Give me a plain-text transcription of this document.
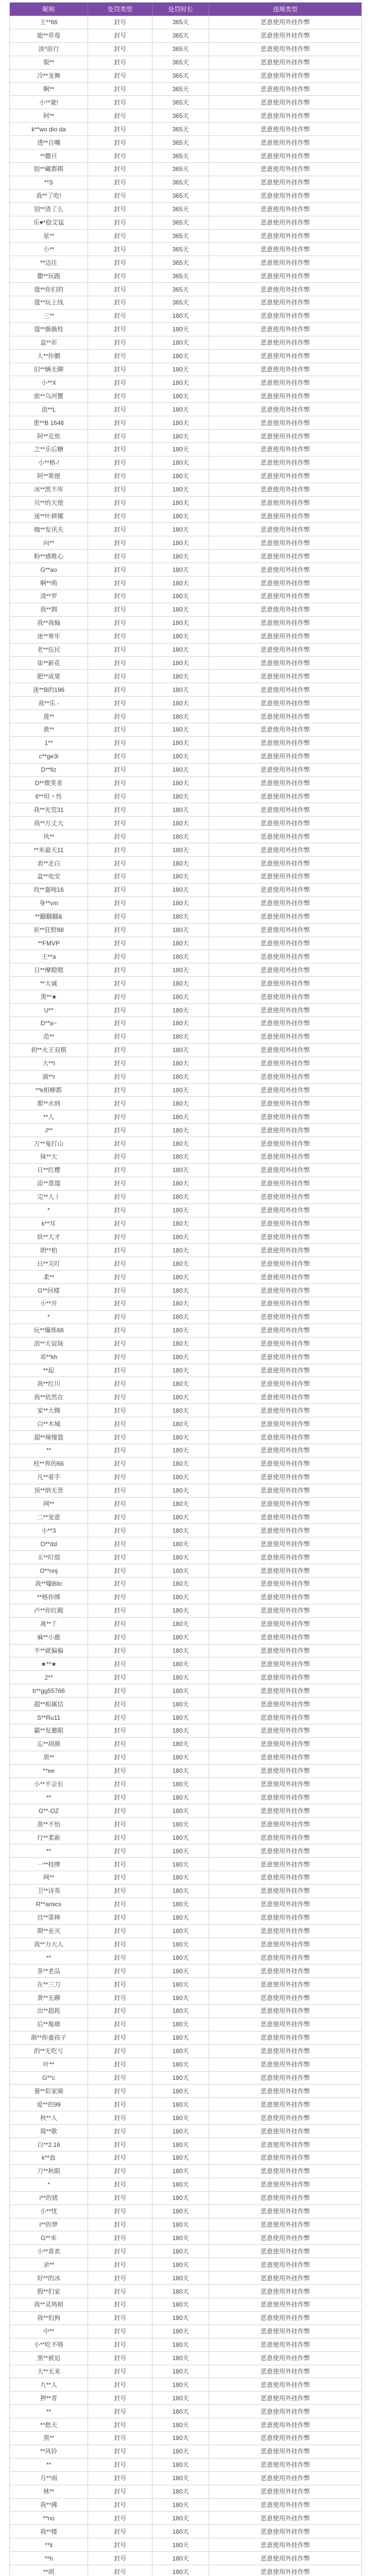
昵称	处罚类型	处罚时长	违规类型
王**66	封号	365天	恶意使用外挂作弊
能**草莓	封号	365天	恶意使用外挂作弊
淡*原行	封号	365天	恶意使用外挂作弊
裂**	封号	365天	恶意使用外挂作弊
冷**龙舞	封号	365天	恶意使用外挂作弊
啊**	封号	365天	恶意使用外挂作弊
小**豪!	封号	365天	恶意使用外挂作弊
阿**	封号	365天	恶意使用外挂作弊
k**wo dio da	封号	365天	恶意使用外挂作弊
透**自嘲	封号	365天	恶意使用外挂作弊
**撒旦	封号	365天	恶意使用外挂作弊
胶**藏都棋	封号	365天	恶意使用外挂作弊
**S	封号	365天	恶意使用外挂作弊
我**了吃!	封号	365天	恶意使用外挂作弊
别**渣了么	封号	365天	恶意使用外挂作弊
乐♥*稳艾猛	封号	365天	恶意使用外挂作弊
星**	封号	365天	恶意使用外挂作弊
小**	封号	365天	恶意使用外挂作弊
**迈往	封号	365天	恶意使用外挂作弊
撒**玩跑	封号	365天	恶意使用外挂作弊
蔻**你们的	封号	365天	恶意使用外挂作弊
蔻**玩上线	封号	365天	恶意使用外挂作弊
三**	封号	180天	恶意使用外挂作弊
蔻**薇薇桂	封号	180天	恶意使用外挂作弊
盒**祈	封号	180天	恶意使用外挂作弊
人**你鹏	封号	180天	恶意使用外挂作弊
旧**辆无聊	封号	180天	恶意使用外挂作弊
小**X	封号	180天	恶意使用外挂作弊
旅**乌河蟹	封号	180天	恶意使用外挂作弊
浪**L	封号	180天	恶意使用外挂作弊
患**B 1646	封号	180天	恶意使用外挂作弊
阿**克焦	封号	180天	恶意使用外挂作弊
之**乐后糖	封号	180天	恶意使用外挂作弊
小**格-!	封号	180天	恶意使用外挂作弊
阿**果便	封号	180天	恶意使用外挂作弊
冰**凯不库	封号	180天	恶意使用外挂作弊
贝**的天使	封号	180天	恶意使用外挂作弊
迷**叶耕耀	封号	180天	恶意使用外挂作弊
咖**发讯夫	封号	180天	恶意使用外挂作弊
向**	封号	180天	恶意使用外挂作弊
粉**感唯心	封号	180天	恶意使用外挂作弊
G**ao	封号	180天	恶意使用外挂作弊
啊**萌	封号	180天	恶意使用外挂作弊
清**罗	封号	180天	恶意使用外挂作弊
我**拥	封号	180天	恶意使用外挂作弊
我**我翰	封号	180天	恶意使用外挂作弊
迷**寒年	封号	180天	恶意使用外挂作弊
老**伍民	封号	180天	恶意使用外挂作弊
柒**新花	封号	180天	恶意使用外挂作弊
肥**成果	封号	180天	恶意使用外挂作弊
迷**B的196	封号	180天	恶意使用外挂作弊
我**乐 -	封号	180天	恶意使用外挂作弊
莲**	封号	180天	恶意使用外挂作弊
黄**	封号	180天	恶意使用外挂作弊
1**	封号	180天	恶意使用外挂作弊
c**ge3i	封号	180天	恶意使用外挂作弊
D**fiz	封号	180天	恶意使用外挂作弊
D**微笑者	封号	180天	恶意使用外挂作弊
6**坦丶性	封号	180天	恶意使用外挂作弊
我**光荒31	封号	180天	恶意使用外挂作弊
我**万丈大	封号	180天	恶意使用外挂作弊
风**	封号	180天	恶意使用外挂作弊
**米最天11	封号	180天	恶意使用外挂作弊
表**走白	封号	180天	恶意使用外挂作弊
盒**电安	封号	180天	恶意使用外挂作弊
玫**嘉吨16	封号	180天	恶意使用外挂作弊
身**vm	封号	180天	恶意使用外挂作弊
**翻翻翻&	封号	180天	恶意使用外挂作弊
祈**狂野88	封号	180天	恶意使用外挂作弊
**FMVP	封号	180天	恶意使用外挂作弊
王**a	封号	180天	恶意使用外挂作弊
日**摩瞪嗯	封号	180天	恶意使用外挂作弊
**大诚	封号	180天	恶意使用外挂作弊
黑**★	封号	180天	恶意使用外挂作弊
U**	封号	180天	恶意使用外挂作弊
D**a~	封号	180天	恶意使用外挂作弊
范**	封号	180天	恶意使用外挂作弊
初**火王双棋	封号	180天	恶意使用外挂作弊
大**I	封号	180天	恶意使用外挂作弊
演**r	封号	180天	恶意使用外挂作弊
**k相柳都	封号	180天	恶意使用外挂作弊
都**水到	封号	180天	恶意使用外挂作弊
**人	封号	180天	恶意使用外挂作弊
J**	封号	180天	恶意使用外挂作弊
万**鬼打山	封号	180天	恶意使用外挂作弊
妹**大	封号	180天	恶意使用外挂作弊
日**红樱	封号	180天	恶意使用外挂作弊
添**蒸馏	封号	180天	恶意使用外挂作弊
完**人丨	封号	180天	恶意使用外挂作弊
*	封号	180天	恶意使用外挂作弊
k**耳	封号	180天	恶意使用外挂作弊
妖**大才	封号	180天	恶意使用外挂作弊
朗**柏	封号	180天	恶意使用外挂作弊
日**关叮	封号	180天	恶意使用外挂作弊
柔**	封号	180天	恶意使用外挂作弊
G**回楼	封号	180天	恶意使用外挂作弊
小**开	封号	180天	恶意使用外挂作弊
*	封号	180天	恶意使用外挂作弊
玩**爆炼66	封号	180天	恶意使用外挂作弊
浪**天谊妹	封号	180天	恶意使用外挂作弊
邓**kh	封号	180天	恶意使用外挂作弊
**起	封号	180天	恶意使用外挂作弊
我**红川	封号	180天	恶意使用外挂作弊
我**依然在	封号	180天	恶意使用外挂作弊
家**大腾	封号	180天	恶意使用外挂作弊
白**木城	封号	180天	恶意使用外挂作弊
超**辣慢篮	封号	180天	恶意使用外挂作弊
**	封号	180天	恶意使用外挂作弊
柱**界的66	封号	180天	恶意使用外挂作弊
凡**着手	封号	180天	恶意使用外挂作弊
顶**纳无晋	封号	180天	恶意使用外挂作弊
网**	封号	180天	恶意使用外挂作弊
二**宠意	封号	180天	恶意使用外挂作弊
小**3	封号	180天	恶意使用外挂作弊
O**dd	封号	180天	恶意使用外挂作弊
玉**叮缇	封号	180天	恶意使用外挂作弊
O**nnj	封号	180天	恶意使用外挂作弊
我**曝BIlc	封号	180天	恶意使用外挂作弊
**格你绑	封号	180天	恶意使用外挂作弊
卢**你红殿	封号	180天	恶意使用外挂作弊
离**丫	封号	180天	恶意使用外挂作弊
麻**小鹿	封号	180天	恶意使用外挂作弊
不**就偏偏	封号	180天	恶意使用外挂作弊
★**★	封号	180天	恶意使用外挂作弊
2**	封号	180天	恶意使用外挂作弊
b**gg55766	封号	180天	恶意使用外挂作弊
超**相属信	封号	180天	恶意使用外挂作弊
S**Ru11	封号	180天	恶意使用外挂作弊
霸**发邀眼	封号	180天	恶意使用外挂作弊
忘**胡颜	封号	180天	恶意使用外挂作弊
黑**	封号	180天	恶意使用外挂作弊
**ee	封号	180天	恶意使用外挂作弊
小**不会长	封号	180天	恶意使用外挂作弊
**	封号	180天	恶意使用外挂作弊
G**-OZ	封号	180天	恶意使用外挂作弊
黑**不怡	封号	180天	恶意使用外挂作弊
行**柔新	封号	180天	恶意使用外挂作弊
**	封号	180天	恶意使用外挂作弊
一**枝牌	封号	180天	恶意使用外挂作弊
网**	封号	180天	恶意使用外挂作弊
卫**诗英	封号	180天	恶意使用外挂作弊
R**amics	封号	180天	恶意使用外挂作弊
宫**霏棒	封号	180天	恶意使用外挂作弊
期**业灭	封号	180天	恶意使用外挂作弊
我**力大人	封号	180天	恶意使用外挂作弊
**	封号	180天	恶意使用外挂作弊
茶**老品	封号	180天	恶意使用外挂作弊
在**三刀	封号	180天	恶意使用外挂作弊
黄**无聊	封号	180天	恶意使用外挂作弊
出**超耗	封号	180天	恶意使用外挂作弊
后**胤瘴	封号	180天	恶意使用外挂作弊
颜**你童孩子	封号	180天	恶意使用外挂作弊
的**无吃亏	封号	180天	恶意使用外挂作弊
叶**	封号	180天	恶意使用外挂作弊
G**c	封号	180天	恶意使用外挂作弊
蓑**彩家骑	封号	180天	恶意使用外挂作弊
爱**的99	封号	180天	恶意使用外挂作弊
秋**人	封号	180天	恶意使用外挂作弊
简**歌	封号	180天	恶意使用外挂作弊
白**2.16	封号	180天	恶意使用外挂作弊
k**血	封号	180天	恶意使用外挂作弊
刀**秋眼	封号	180天	恶意使用外挂作弊
*	封号	180天	恶意使用外挂作弊
i**的猪	封号	180天	恶意使用外挂作弊
小**忧	封号	180天	恶意使用外挂作弊
i**的梦	封号	180天	恶意使用外挂作弊
G**米	封号	180天	恶意使用外挂作弊
小**喜欢	封号	180天	恶意使用外挂作弊
余**	封号	180天	恶意使用外挂作弊
好**的冰	封号	180天	恶意使用外挂作弊
假**们家	封号	180天	恶意使用外挂作弊
我**灵鸠棺	封号	180天	恶意使用外挂作弊
我**怕狗	封号	180天	恶意使用外挂作弊
中**	封号	180天	恶意使用外挂作弊
小**吃不咯	封号	180天	恶意使用外挂作弊
黑**被迫	封号	180天	恶意使用外挂作弊
大**无来	封号	180天	恶意使用外挂作弊
九**人	封号	180天	恶意使用外挂作弊
押**青	封号	180天	恶意使用外挂作弊
**	封号	180天	恶意使用外挂作弊
**愁天	封号	180天	恶意使用外挂作弊
黑**	封号	180天	恶意使用外挂作弊
**风铃	封号	180天	恶意使用外挂作弊
**	封号	180天	恶意使用外挂作弊
月**雨	封号	180天	恶意使用外挂作弊
林**	封号	180天	恶意使用外挂作弊
我**拂	封号	180天	恶意使用外挂作弊
**no	封号	180天	恶意使用外挂作弊
我**楼	封号	180天	恶意使用外挂作弊
**ii	封号	180天	恶意使用外挂作弊
**h	封号	180天	恶意使用外挂作弊
**胡	封号	180天	恶意使用外挂作弊
